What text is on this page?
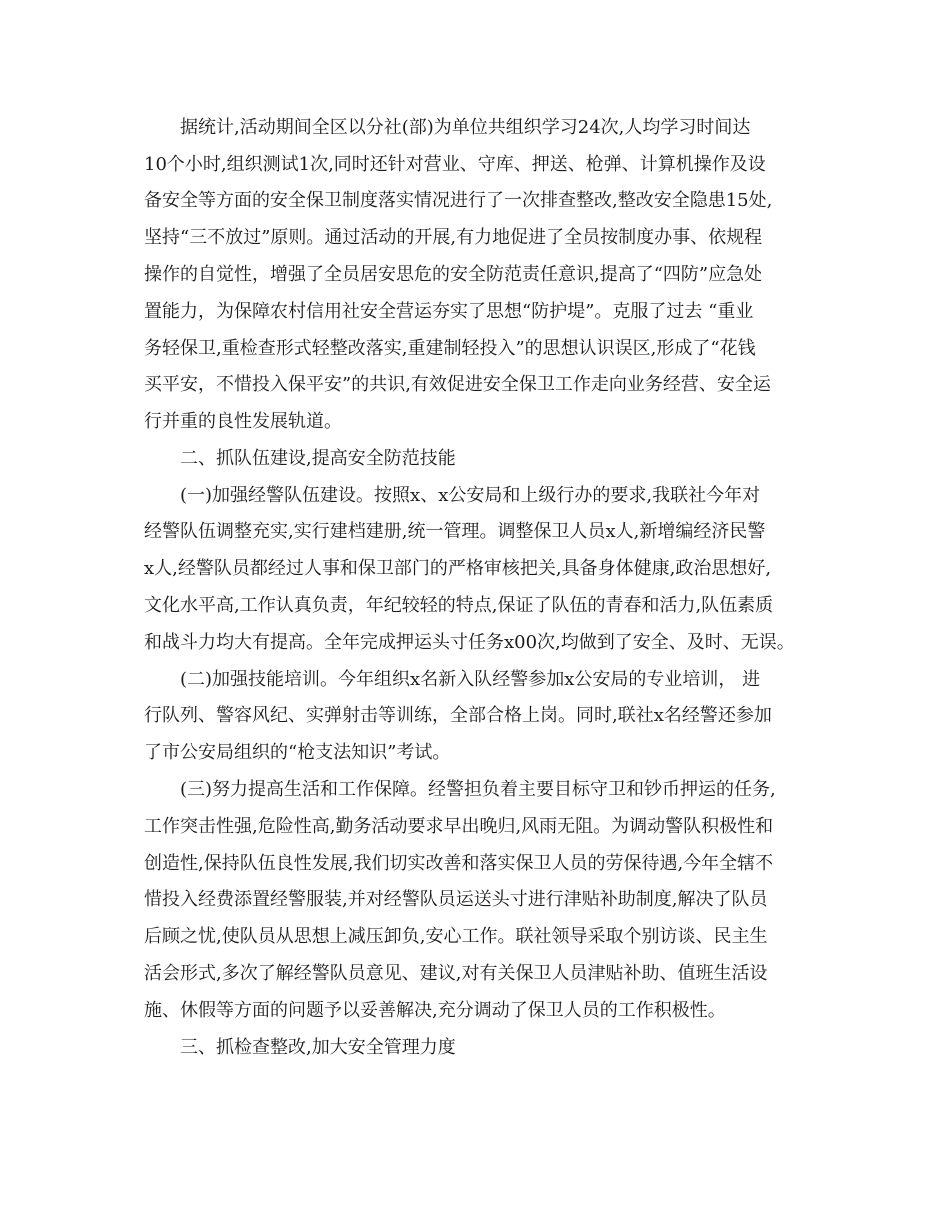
据统计,活动期间全区以分社(部)为单位共组织学习24次,人均学习时间达

10个小时,组织测试1次,同时还针对营业、守库、押送、枪弹、计算机操作及设

备安全等方面的安全保卫制度落实情况进行了一次排查整改,整改安全隐患15处,

坚持“三不放过”原则。通过活动的开展,有力地促进了全员按制度办事、依规程

操作的自觉性，增强了全员居安思危的安全防范责任意识,提高了“四防”应急处

置能力，为保障农村信用社安全营运夯实了思想“防护堤”。克服了过去 “重业

务轻保卫,重检查形式轻整改落实,重建制轻投入”的思想认识误区,形成了“花钱

买平安，不惜投入保平安”的共识,有效促进安全保卫工作走向业务经营、安全运

行并重的良性发展轨道。

二、抓队伍建设,提高安全防范技能

(一)加强经警队伍建设。按照x、x公安局和上级行办的要求,我联社今年对

经警队伍调整充实,实行建档建册,统一管理。调整保卫人员x人,新增编经济民警

x人,经警队员都经过人事和保卫部门的严格审核把关,具备身体健康,政治思想好,

文化水平高,工作认真负责，年纪较轻的特点,保证了队伍的青春和活力,队伍素质

和战斗力均大有提高。全年完成押运头寸任务x00次,均做到了安全、及时、无误。

(二)加强技能培训。今年组织x名新入队经警参加x公安局的专业培训， 进

行队列、警容风纪、实弹射击等训练，全部合格上岗。同时,联社x名经警还参加

了市公安局组织的“枪支法知识”考试。

(三)努力提高生活和工作保障。经警担负着主要目标守卫和钞币押运的任务,

工作突击性强,危险性高,勤务活动要求早出晚归,风雨无阻。为调动警队积极性和

创造性,保持队伍良性发展,我们切实改善和落实保卫人员的劳保待遇,今年全辖不

惜投入经费添置经警服装,并对经警队员运送头寸进行津贴补助制度,解决了队员

后顾之忧,使队员从思想上减压卸负,安心工作。联社领导采取个别访谈、民主生

活会形式,多次了解经警队员意见、建议,对有关保卫人员津贴补助、值班生活设

施、休假等方面的问题予以妥善解决,充分调动了保卫人员的工作积极性。

三、抓检查整改,加大安全管理力度
